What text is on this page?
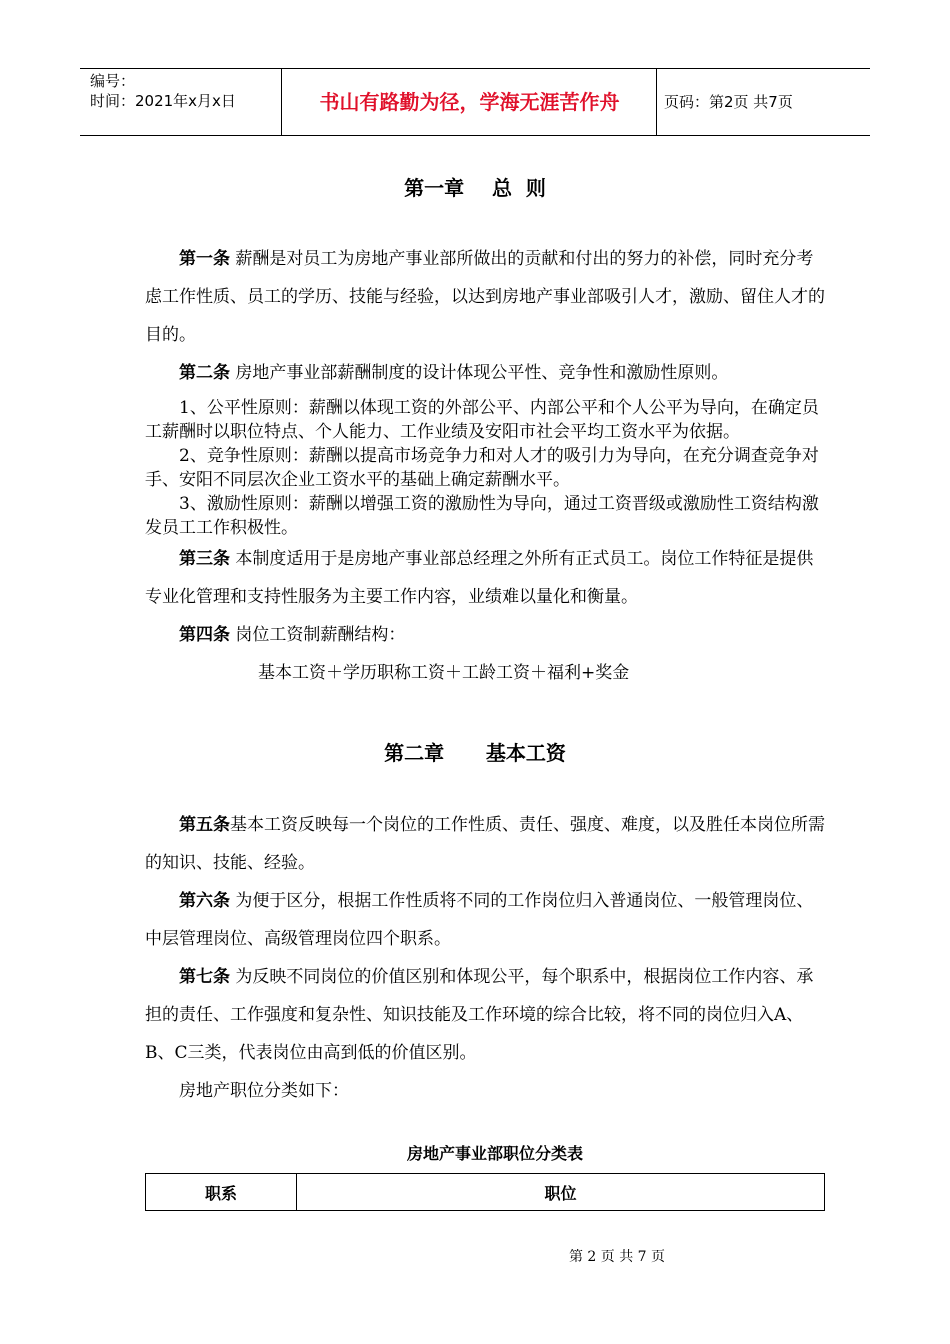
编号：
时间：2021年x月x日	书山有路勤为径，学海无涯苦作舟	页码：第2页 共7页
第一章    总  则

第一条 薪酬是对员工为房地产事业部所做出的贡献和付出的努力的补偿，同时充分考虑工作性质、员工的学历、技能与经验，以达到房地产事业部吸引人才，激励、留住人才的目的。

第二条 房地产事业部薪酬制度的设计体现公平性、竞争性和激励性原则。

1、公平性原则：薪酬以体现工资的外部公平、内部公平和个人公平为导向，在确定员工薪酬时以职位特点、个人能力、工作业绩及安阳市社会平均工资水平为依据。

2、竞争性原则：薪酬以提高市场竞争力和对人才的吸引力为导向，在充分调查竞争对手、安阳不同层次企业工资水平的基础上确定薪酬水平。

3、激励性原则：薪酬以增强工资的激励性为导向，通过工资晋级或激励性工资结构激发员工工作积极性。

第三条 本制度适用于是房地产事业部总经理之外所有正式员工。岗位工作特征是提供专业化管理和支持性服务为主要工作内容，业绩难以量化和衡量。

第四条 岗位工资制薪酬结构：

基本工资＋学历职称工资＋工龄工资＋福利+奖金

第二章      基本工资

第五条基本工资反映每一个岗位的工作性质、责任、强度、难度，以及胜任本岗位所需的知识、技能、经验。

第六条 为便于区分，根据工作性质将不同的工作岗位归入普通岗位、一般管理岗位、中层管理岗位、高级管理岗位四个职系。

第七条 为反映不同岗位的价值区别和体现公平，每个职系中，根据岗位工作内容、承担的责任、工作强度和复杂性、知识技能及工作环境的综合比较，将不同的岗位归入A、B、C三类，代表岗位由高到低的价值区别。

房地产职位分类如下：

房地产事业部职位分类表
职系	职位
第 2 页 共 7 页
